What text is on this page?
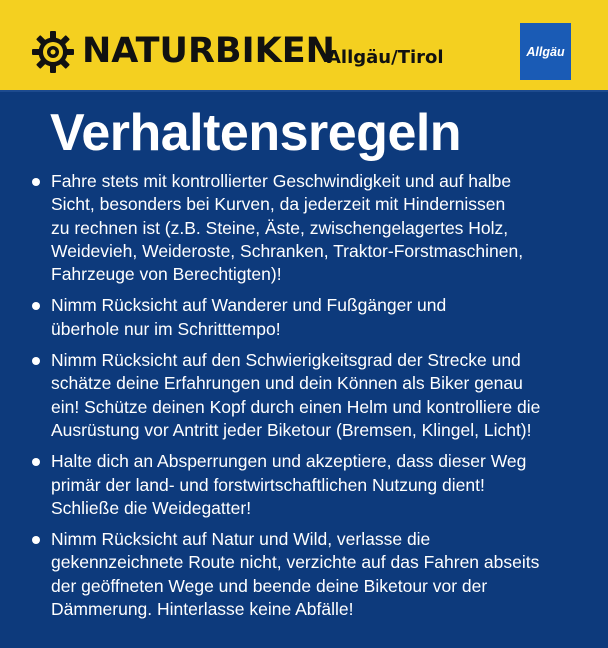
NATURBIKEN
Allgäu/Tirol	Allgäu
Verhaltensregeln
Fahre stets mit kontrollierter Geschwindigkeit und auf halbe
Sicht, besonders bei Kurven, da jederzeit mit Hindernissen
zu rechnen ist (z.B. Steine, Äste, zwischengelagertes Holz,
Weidevieh, Weideroste, Schranken, Traktor-Forstmaschinen,
Fahrzeuge von Berechtigten)!
Nimm Rücksicht auf Wanderer und Fußgänger und
überhole nur im Schritttempo!
Nimm Rücksicht auf den Schwierigkeitsgrad der Strecke und
schätze deine Erfahrungen und dein Können als Biker genau
ein! Schütze deinen Kopf durch einen Helm und kontrolliere die
Ausrüstung vor Antritt jeder Biketour (Bremsen, Klingel, Licht)!
Halte dich an Absperrungen und akzeptiere, dass dieser Weg
primär der land- und forstwirtschaftlichen Nutzung dient!
Schließe die Weidegatter!
Nimm Rücksicht auf Natur und Wild, verlasse die
gekennzeichnete Route nicht, verzichte auf das Fahren abseits
der geöffneten Wege und beende deine Biketour vor der
Dämmerung. Hinterlasse keine Abfälle!
